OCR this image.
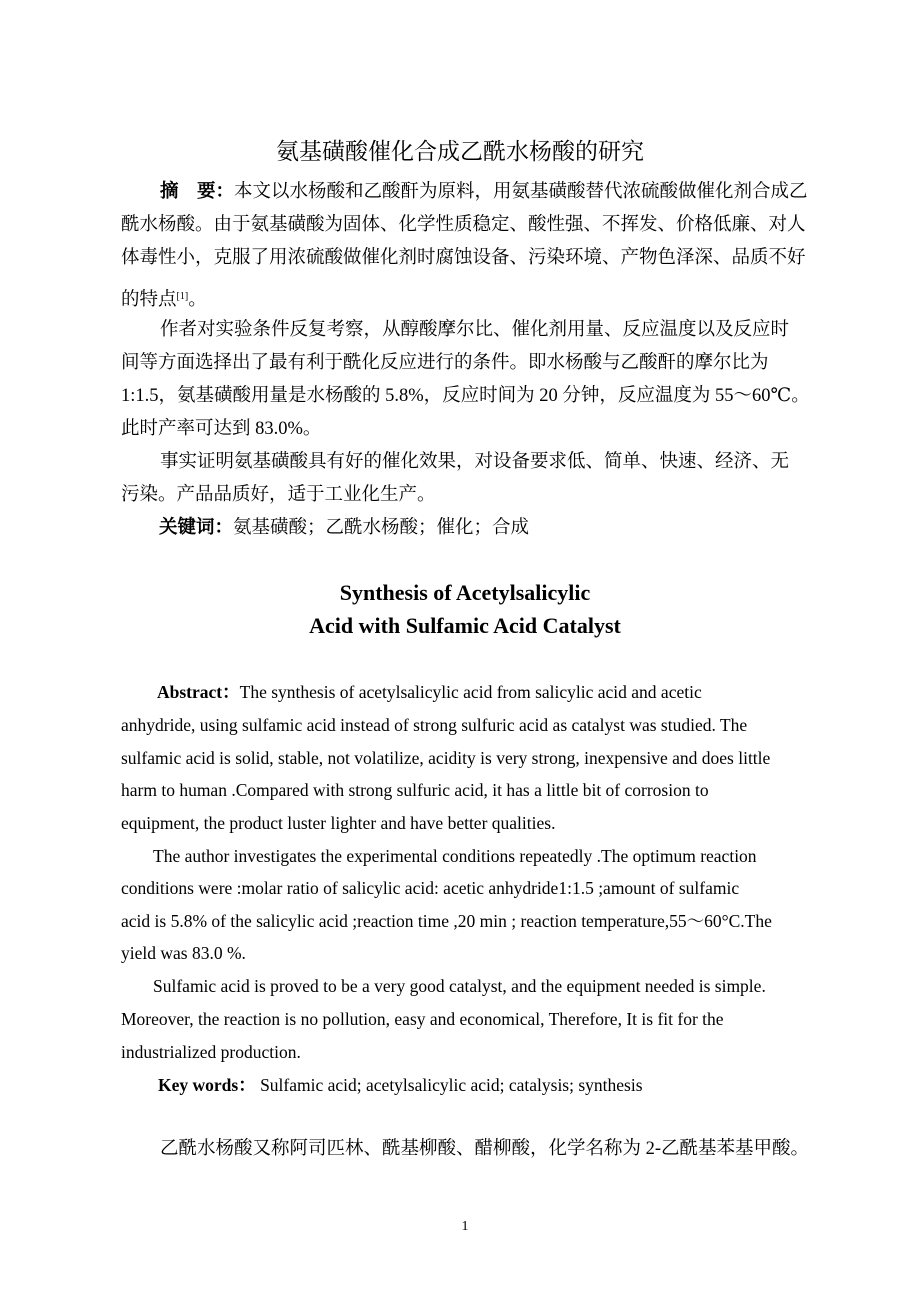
氨基磺酸催化合成乙酰水杨酸的研究
摘　要：本文以水杨酸和乙酸酐为原料，用氨基磺酸替代浓硫酸做催化剂合成乙
酰水杨酸。由于氨基磺酸为固体、化学性质稳定、酸性强、不挥发、价格低廉、对人
体毒性小，克服了用浓硫酸做催化剂时腐蚀设备、污染环境、产物色泽深、品质不好
的特点[1]。
作者对实验条件反复考察，从醇酸摩尔比、催化剂用量、反应温度以及反应时
间等方面选择出了最有利于酰化反应进行的条件。即水杨酸与乙酸酐的摩尔比为
1:1.5，氨基磺酸用量是水杨酸的 5.8%，反应时间为 20 分钟，反应温度为 55～60℃。
此时产率可达到 83.0%。
事实证明氨基磺酸具有好的催化效果，对设备要求低、简单、快速、经济、无
污染。产品品质好，适于工业化生产。
关键词：氨基磺酸；乙酰水杨酸；催化；合成
Synthesis of Acetylsalicylic
Acid with Sulfamic Acid Catalyst
Abstract：The synthesis of acetylsalicylic acid from salicylic acid and acetic
anhydride, using sulfamic acid instead of strong sulfuric acid as catalyst was studied. The
sulfamic acid is solid, stable, not volatilize, acidity is very strong, inexpensive and does little
harm to human .Compared with strong sulfuric acid, it has a little bit of corrosion to
equipment, the product luster lighter and have better qualities.
The author investigates the experimental conditions repeatedly .The optimum reaction
conditions were :molar ratio of salicylic acid: acetic anhydride1:1.5 ;amount of sulfamic
acid is 5.8% of the salicylic acid ;reaction time ,20 min ; reaction temperature,55～60°C.The
yield was 83.0 %.
Sulfamic acid is proved to be a very good catalyst, and the equipment needed is simple.
Moreover, the reaction is no pollution, easy and economical, Therefore, It is fit for the
industrialized production.
Key words： Sulfamic acid; acetylsalicylic acid; catalysis; synthesis
乙酰水杨酸又称阿司匹林、酰基柳酸、醋柳酸，化学名称为 2-乙酰基苯基甲酸。
1
